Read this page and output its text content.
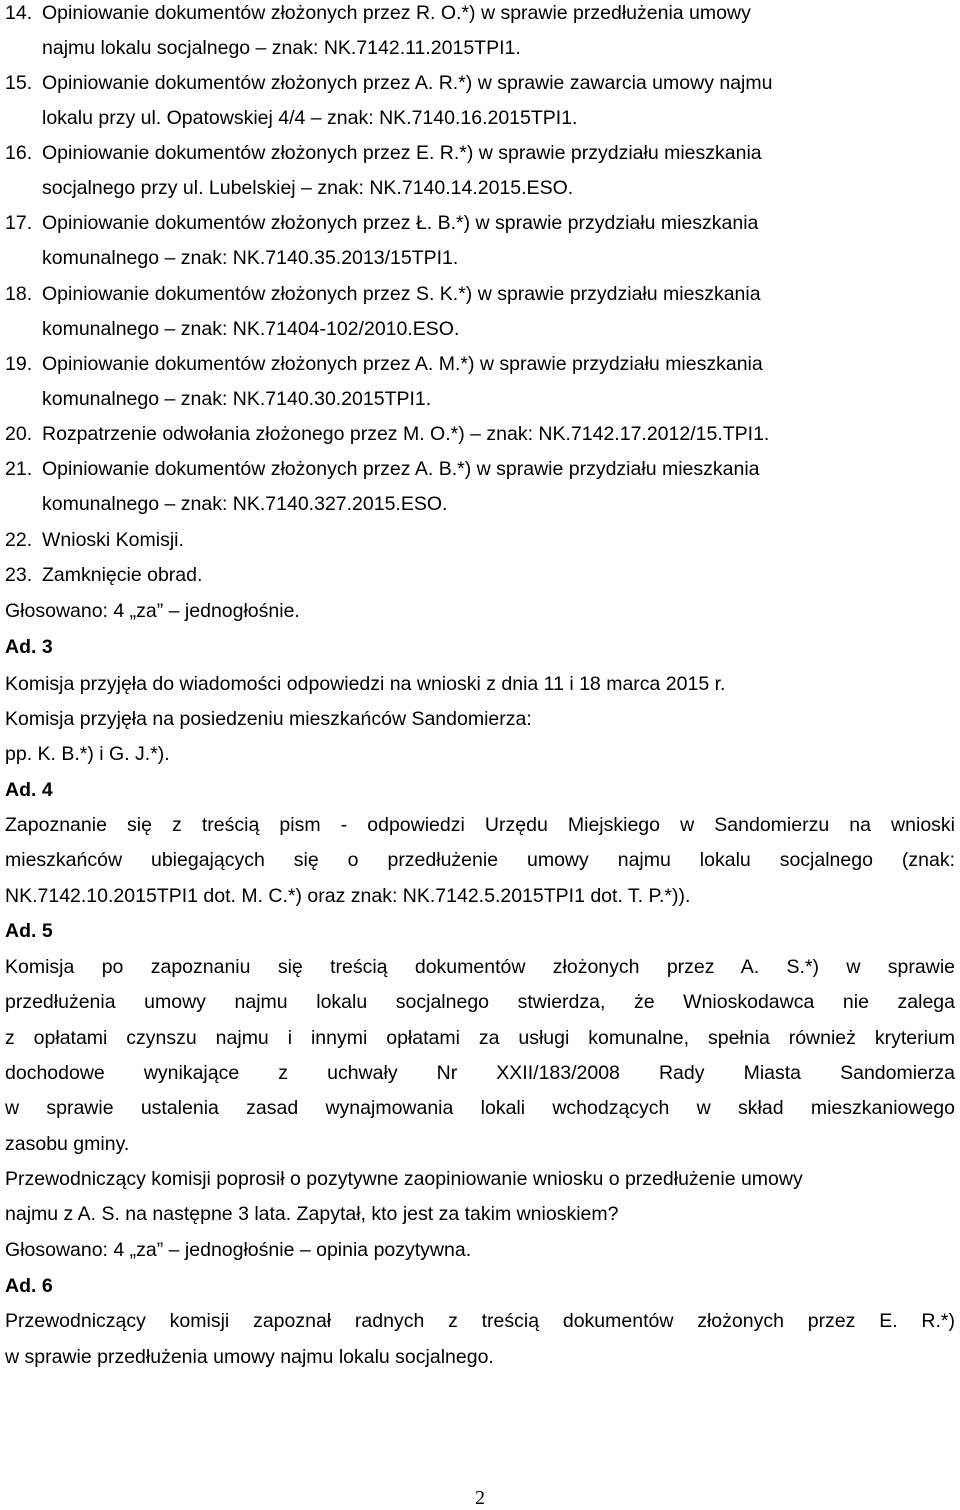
14. Opiniowanie dokumentów złożonych przez R. O.*) w sprawie przedłużenia umowy
najmu lokalu socjalnego – znak: NK.7142.11.2015TPI1.
15. Opiniowanie dokumentów złożonych przez A. R.*) w sprawie zawarcia umowy najmu
lokalu przy ul. Opatowskiej 4/4 – znak: NK.7140.16.2015TPI1.
16. Opiniowanie dokumentów złożonych przez E. R.*) w sprawie przydziału mieszkania
socjalnego przy ul. Lubelskiej – znak: NK.7140.14.2015.ESO.
17. Opiniowanie dokumentów złożonych przez Ł. B.*) w sprawie przydziału mieszkania
komunalnego – znak: NK.7140.35.2013/15TPI1.
18. Opiniowanie dokumentów złożonych przez S. K.*) w sprawie przydziału mieszkania
komunalnego – znak: NK.71404-102/2010.ESO.
19. Opiniowanie dokumentów złożonych przez A. M.*) w sprawie przydziału mieszkania
komunalnego – znak: NK.7140.30.2015TPI1.
20. Rozpatrzenie odwołania złożonego przez M. O.*) – znak: NK.7142.17.2012/15.TPI1.
21. Opiniowanie dokumentów złożonych przez A. B.*) w sprawie przydziału mieszkania
komunalnego – znak: NK.7140.327.2015.ESO.
22. Wnioski Komisji.
23. Zamknięcie obrad.
Głosowano: 4 „za” – jednogłośnie.
Ad. 3
Komisja przyjęła do wiadomości odpowiedzi na wnioski z dnia 11 i 18 marca 2015 r.
Komisja przyjęła na posiedzeniu mieszkańców Sandomierza:
pp. K. B.*) i G. J.*).
Ad. 4
Zapoznanie się z treścią pism - odpowiedzi Urzędu Miejskiego w Sandomierzu na wnioski
mieszkańców ubiegających się o przedłużenie umowy najmu lokalu socjalnego (znak:
NK.7142.10.2015TPI1 dot. M. C.*) oraz znak: NK.7142.5.2015TPI1 dot. T. P.*)).
Ad. 5
Komisja po zapoznaniu się treścią dokumentów złożonych przez A. S.*) w sprawie
przedłużenia umowy najmu lokalu socjalnego stwierdza, że Wnioskodawca nie zalega
z opłatami czynszu najmu i innymi opłatami za usługi komunalne, spełnia również kryterium
dochodowe wynikające z uchwały Nr XXII/183/2008 Rady Miasta Sandomierza
w sprawie ustalenia zasad wynajmowania lokali wchodzących w skład mieszkaniowego
zasobu gminy.
Przewodniczący komisji poprosił o pozytywne zaopiniowanie wniosku o przedłużenie umowy
najmu z A. S. na następne 3 lata. Zapytał, kto jest za takim wnioskiem?
Głosowano: 4 „za” – jednogłośnie – opinia pozytywna.
Ad. 6
Przewodniczący komisji zapoznał radnych z treścią dokumentów złożonych przez E. R.*)
w sprawie przedłużenia umowy najmu lokalu socjalnego.
2
